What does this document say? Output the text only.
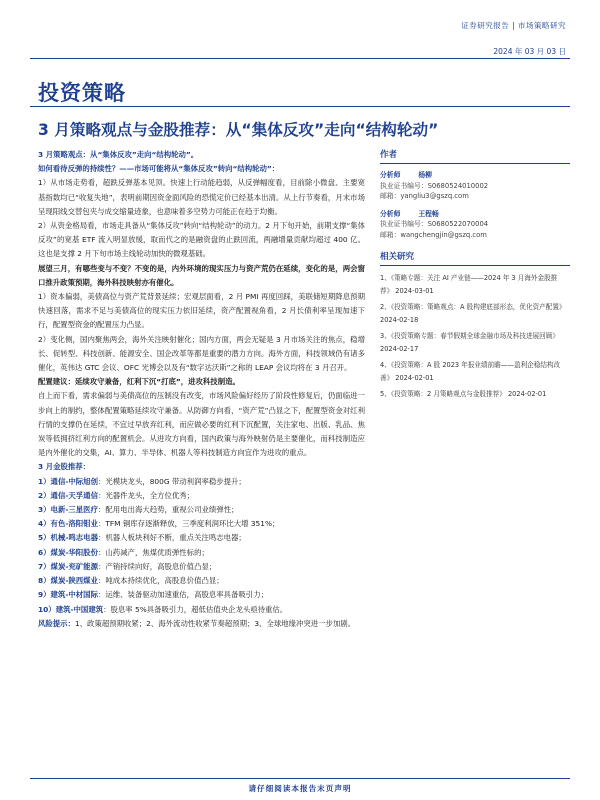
证券研究报告 | 市场策略研究
2024 年 03 月 03 日
投资策略
3 月策略观点与金股推荐：从“集体反攻”走向“结构轮动”
3 月策略观点：从“集体反攻”走向“结构轮动”。
如何看待反弹的持续性？——市场可能将从“集体反攻”转向“结构轮动”：

1）从市场走势看，超跌反弹基本见顶。快速上行动能趋弱，从反弹幅度看，目前除小微盘、主要宽基指数均已“收复失地”，表明前期因资金面风险的恐慌定价已经基本出清。从上行节奏看，月末市场呈现阳线交替包夹与成交缩量迹象，也意味着多空势力可能正在趋于均衡。

2）从资金格局看，市场走具备从“集体反攻”转向“结构轮动”的动力。2 月下旬开始，前期支撑“集体反攻”的宽基 ETF 流入明显放缓，取而代之的是融资盘的止跌回流，两融增量贡献均超过 400 亿。这也是支撑 2 月下旬市场主线轮动加快的微观基础。

展望三月，有哪些变与不变？不变的是，内外环境的现实压力与资产荒仍在延续，变化的是，两会窗口推升政策预期，海外科技映射亦有催化。

1）资本偏弱，美债高位与资产荒背景延续；宏观层面看，2 月 PMI 再度回踩，美联储短期降息预期快速回落，需求不足与美债高位的现实压力依旧延续，资产配置视角看，2 月长债利率呈现加速下行，配置型资金的配置压力凸显。

2）变化侧，国内聚焦两会，海外关注映射催化；国内方面，两会无疑是 3 月市场关注的焦点，稳增长、促转型、科技创新、能源安全、国企改革等都是重要的潜力方向。海外方面，科技领域仍有诸多催化，英伟达 GTC 会议、OFC 光博会以及有“数字达沃斯”之称的 LEAP 会议均将在 3 月召开。

配置建议：延续攻守兼备，红利下沉“打底”，进攻科技制造。

自上而下看，需求偏弱与美债高位的压制没有改变，市场风险偏好经历了阶段性修复后，仍面临进一步向上的制约，整体配置策略延续攻守兼备。从防御方向看，“资产荒”凸显之下，配置型资金对红利行情的支撑仍在延续，不宜过早放弃红利，而应做必要的红利下沉配置，关注家电、出版、乳品、焦炭等低拥挤红利方向的配置机会。从进攻方向看，国内政策与海外映射仍是主要催化，而科技制造应是内外催化的交集，AI、算力、半导体、机器人等科技制造方向宜作为进攻的重点。

3 月金股推荐：
1）通信-中际旭创：光模块龙头，800G 带动利润率稳步提升；
2）通信-天孚通信：光器件龙头，全方位优秀；
3）电新-三星医疗：配用电出海大趋势，重视公司业绩弹性；
4）有色-洛阳钼业：TFM 铜库存逐渐释放，三季度利润环比大增 351%；
5）机械-鸣志电器：机器人板块利好不断，重点关注鸣志电器；
6）煤炭-华阳股份：山药减产，焦煤优质弹性标的；
7）煤炭-兖矿能源：产销持续向好，高股息价值凸显；
8）煤炭-陕西煤业：吨成本持续优化，高股息价值凸显；
9）建筑-中材国际：运维、装备驱动加速重估，高股息率具备吸引力；
10）建筑-中国建筑：股息率 5%具备吸引力，超低估值央企龙头亟待重估。
风险提示：1、政策超预期收紧；2、海外流动性收紧节奏超预期；3、全球地缘冲突进一步加剧。
作者
分析师	杨柳
执业证书编号：S0680524010002
邮箱：yangliu3@gszq.com
分析师	王程畅
执业证书编号：S0680522070004
邮箱：wangchengjin@gszq.com
相关研究
1、《策略专题：关注 AI 产业链——2024 年 3 月海外金股推荐》 2024-03-01
2、《投资策略：策略观点：A 股构建底部形态，优化资产配置》 2024-02-18
3、《投资策略专题：春节假期全球金融市场及科技进展回顾》 2024-02-17
4、《投资策略：A 股 2023 年报业绩前瞻——盈利企稳结构改善》 2024-02-01
5、《投资策略：2 月策略观点与金股推荐》 2024-02-01
请仔细阅读本报告末页声明
